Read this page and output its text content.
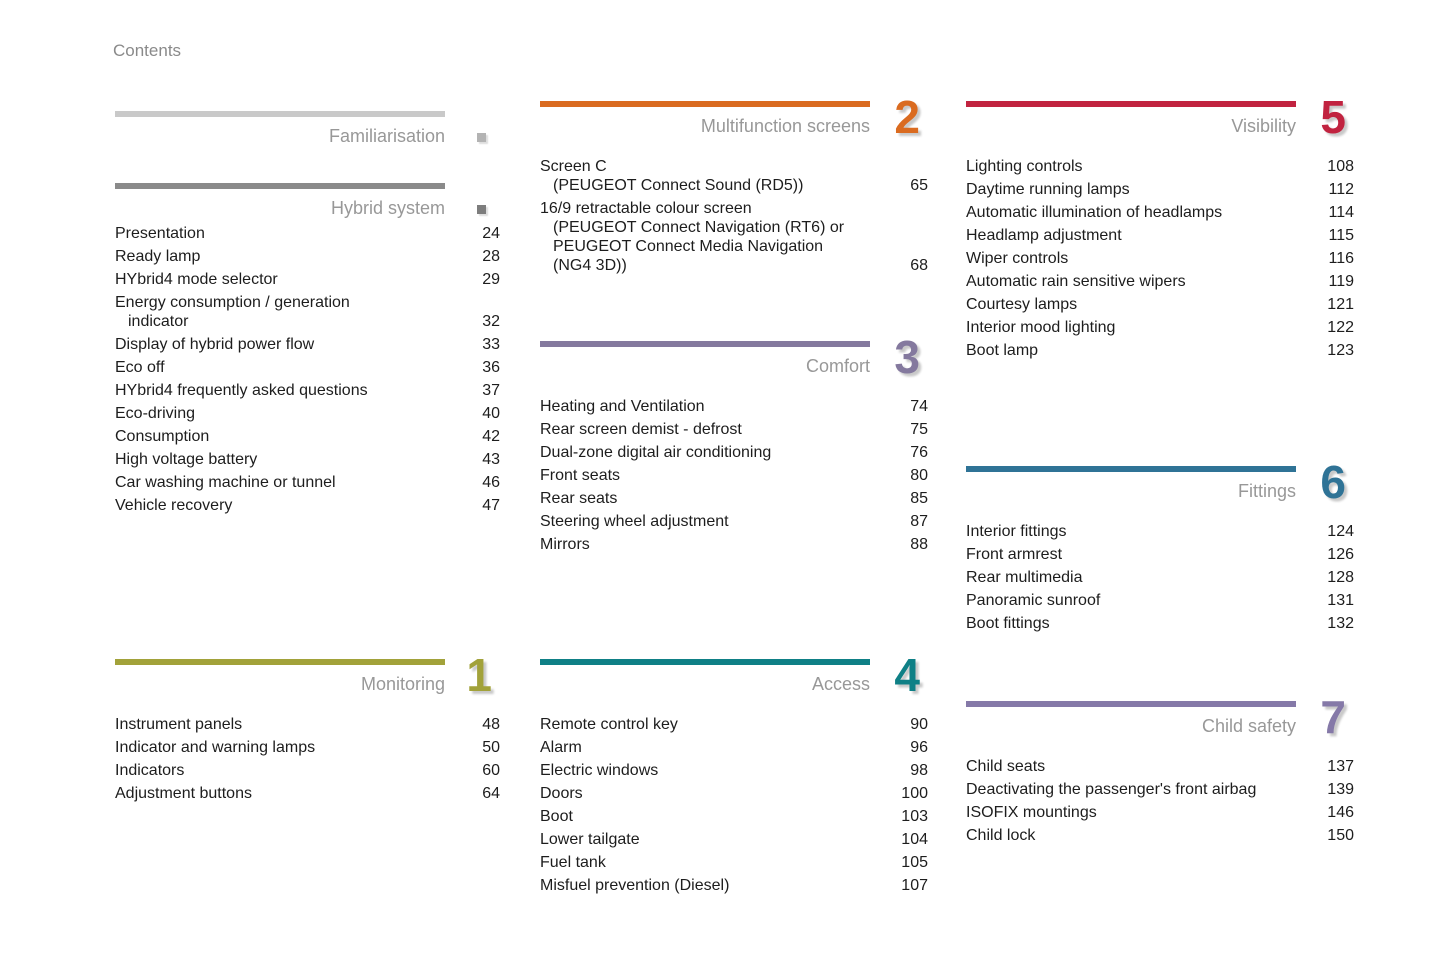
Contents
Familiarisation
Hybrid system
Presentation	24
Ready lamp	28
HYbrid4 mode selector	29
Energy consumption / generation
indicator	32
Display of hybrid power flow	33
Eco off	36
HYbrid4 frequently asked questions	37
Eco-driving	40
Consumption	42
High voltage battery	43
Car washing machine or tunnel	46
Vehicle recovery	47
Monitoring
Instrument panels	48
Indicator and warning lamps	50
Indicators	60
Adjustment buttons	64
1
Multifunction screens
Screen C
(PEUGEOT Connect Sound (RD5))	65
16/9 retractable colour screen
(PEUGEOT Connect Navigation (RT6) or
PEUGEOT Connect Media Navigation
(NG4 3D))	68
2
Comfort
Heating and Ventilation	74
Rear screen demist - defrost	75
Dual-zone digital air conditioning	76
Front seats	80
Rear seats	85
Steering wheel adjustment	87
Mirrors	88
3
Access
Remote control key	90
Alarm	96
Electric windows	98
Doors	100
Boot	103
Lower tailgate	104
Fuel tank	105
Misfuel prevention (Diesel)	107
4
Visibility
Lighting controls	108
Daytime running lamps	112
Automatic illumination of headlamps	114
Headlamp adjustment	115
Wiper controls	116
Automatic rain sensitive wipers	119
Courtesy lamps	121
Interior mood lighting	122
Boot lamp	123
5
Fittings
Interior fittings	124
Front armrest	126
Rear multimedia	128
Panoramic sunroof	131
Boot fittings	132
6
Child safety
Child seats	137
Deactivating the passenger's front airbag	139
ISOFIX mountings	146
Child lock	150
7
